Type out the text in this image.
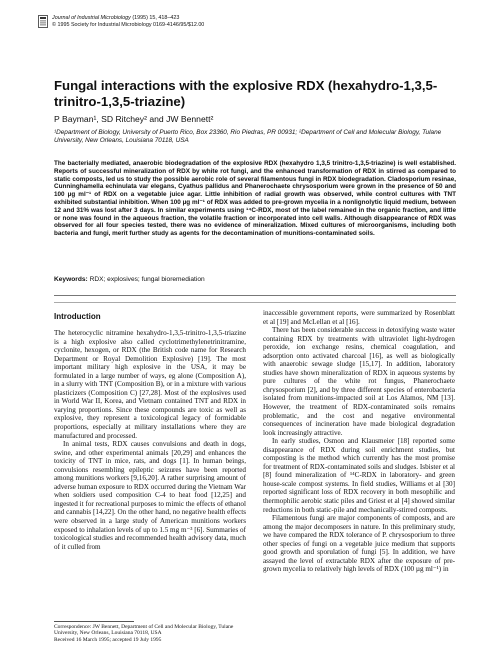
Journal of Industrial Microbiology (1995) 15, 418–423
© 1995 Society for Industrial Microbiology 0169-4146/95/$12.00
Fungal interactions with the explosive RDX (hexahydro-1,3,5-trinitro-1,3,5-triazine)
P Bayman¹, SD Ritchey² and JW Bennett²
¹Department of Biology, University of Puerto Rico, Box 23360, Rio Piedras, PR 00931; ²Department of Cell and Molecular Biology, Tulane University, New Orleans, Louisiana 70118, USA

The bacterially mediated, anaerobic biodegradation of the explosive RDX (hexahydro 1,3,5 trinitro-1,3,5-triazine) is well established. Reports of successful mineralization of RDX by white rot fungi, and the enhanced transformation of RDX in stirred as compared to static composts, led us to study the possible aerobic role of several filamentous fungi in RDX biodegradation. Cladosporium resinae, Cunninghamella echinulata var elegans, Cyathus pallidus and Phanerochaete chrysosporium were grown in the presence of 50 and 100 µg ml⁻¹ of RDX on a vegetable juice agar. Little inhibition of radial growth was observed, while control cultures with TNT exhibited substantial inhibition. When 100 µg ml⁻¹ of RDX was added to pre-grown mycelia in a nonlignolytic liquid medium, between 12 and 31% was lost after 3 days. In similar experiments using ¹⁴C-RDX, most of the label remained in the organic fraction, and little or none was found in the aqueous fraction, the volatile fraction or incorporated into cell walls. Although disappearance of RDX was observed for all four species tested, there was no evidence of mineralization. Mixed cultures of microorganisms, including both bacteria and fungi, merit further study as agents for the decontamination of munitions-contaminated soils.

Keywords: RDX; explosives; fungal bioremediation
Introduction

The heterocyclic nitramine hexahydro-1,3,5-trinitro-1,3,5-triazine is a high explosive also called cyclotrimethylenetrinitramine, cyclonite, hexogen, or RDX (the British code name for Research Department or Royal Demolition Explosive) [19]. The most important military high explosive in the USA, it may be formulated in a large number of ways, eg alone (Composition A), in a slurry with TNT (Composition B), or in a mixture with various plasticizers (Composition C) [27,28]. Most of the explosives used in World War II, Korea, and Vietnam contained TNT and RDX in varying proportions. Since these compounds are toxic as well as explosive, they represent a toxicological legacy of formidable proportions, especially at military installations where they are manufactured and processed.

In animal tests, RDX causes convulsions and death in dogs, swine, and other experimental animals [20,29] and enhances the toxicity of TNT in mice, rats, and dogs [1]. In human beings, convulsions resembling epileptic seizures have been reported among munitions workers [9,16,20]. A rather surprising amount of adverse human exposure to RDX occurred during the Vietnam War when soldiers used composition C-4 to heat food [12,25] and ingested it for recreational purposes to mimic the effects of ethanol and cannabis [14,22]. On the other hand, no negative health effects were observed in a large study of American munitions workers exposed to inhalation levels of up to 1.5 mg m⁻³ [6]. Summaries of toxicological studies and recommended health advisory data, much of it culled from

inaccessible government reports, were summarized by Rosenblatt et al [19] and McLellan et al [16].

There has been considerable success in detoxifying waste water containing RDX by treatments with ultraviolet light-hydrogen peroxide, ion exchange resins, chemical coagulation, and adsorption onto activated charcoal [16], as well as biologically with anaerobic sewage sludge [15,17]. In addition, laboratory studies have shown mineralization of RDX in aqueous systems by pure cultures of the white rot fungus, Phanerochaete chrysosporium [2], and by three different species of enterobacteria isolated from munitions-impacted soil at Los Alamos, NM [13]. However, the treatment of RDX-contaminated soils remains problematic, and the cost and negative environmental consequences of incineration have made biological degradation look increasingly attractive.

In early studies, Osmon and Klausmeier [18] reported some disappearance of RDX during soil enrichment studies, but composting is the method which currently has the most promise for treatment of RDX-contaminated soils and sludges. Isbister et al [8] found mineralization of ¹⁴C-RDX in laboratory- and green house-scale compost systems. In field studies, Williams et al [30] reported significant loss of RDX recovery in both mesophilic and thermophilic aerobic static piles and Griest et al [4] showed similar reductions in both static-pile and mechanically-stirred composts.

Filamentous fungi are major components of composts, and are among the major decomposers in nature. In this preliminary study, we have compared the RDX tolerance of P. chrysosporium to three other species of fungi on a vegetable juice medium that supports good growth and sporulation of fungi [5]. In addition, we have assayed the level of extractable RDX after the exposure of pre-grown mycelia to relatively high levels of RDX (100 µg ml⁻¹) in

Correspondence: JW Bennett, Department of Cell and Molecular Biology, Tulane University, New Orleans, Louisiana 70118, USA
Received 16 March 1995; accepted 19 July 1995
